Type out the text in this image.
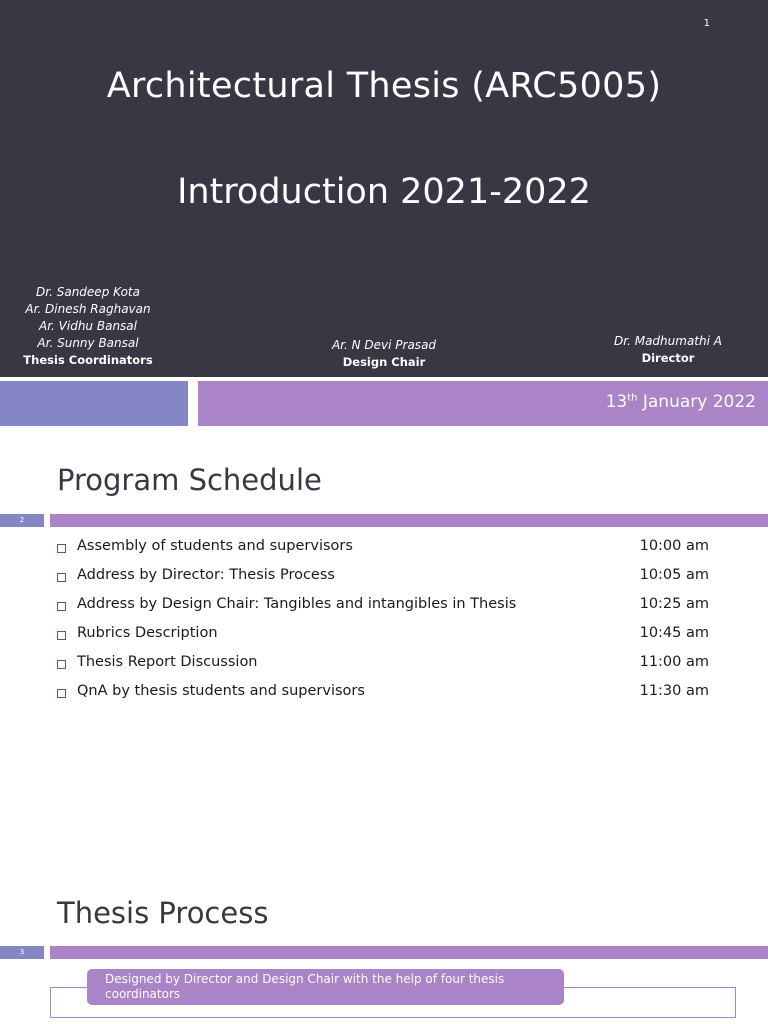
1
Architectural Thesis (ARC5005)
Introduction 2021-2022
Dr. Sandeep Kota
Ar. Dinesh Raghavan
Ar. Vidhu Bansal
Ar. Sunny Bansal
Thesis Coordinators
Ar. N Devi Prasad
Design Chair
Dr. Madhumathi A
Director
13th January 2022
Program Schedule
2
Assembly of students and supervisors	10:00 am
Address by Director: Thesis Process	10:05 am
Address by Design Chair: Tangibles and intangibles in Thesis	10:25 am
Rubrics Description	10:45 am
Thesis Report Discussion	11:00 am
QnA by thesis students and supervisors	11:30 am
Thesis Process
3
Designed by Director and Design Chair with the help of four thesis coordinators
